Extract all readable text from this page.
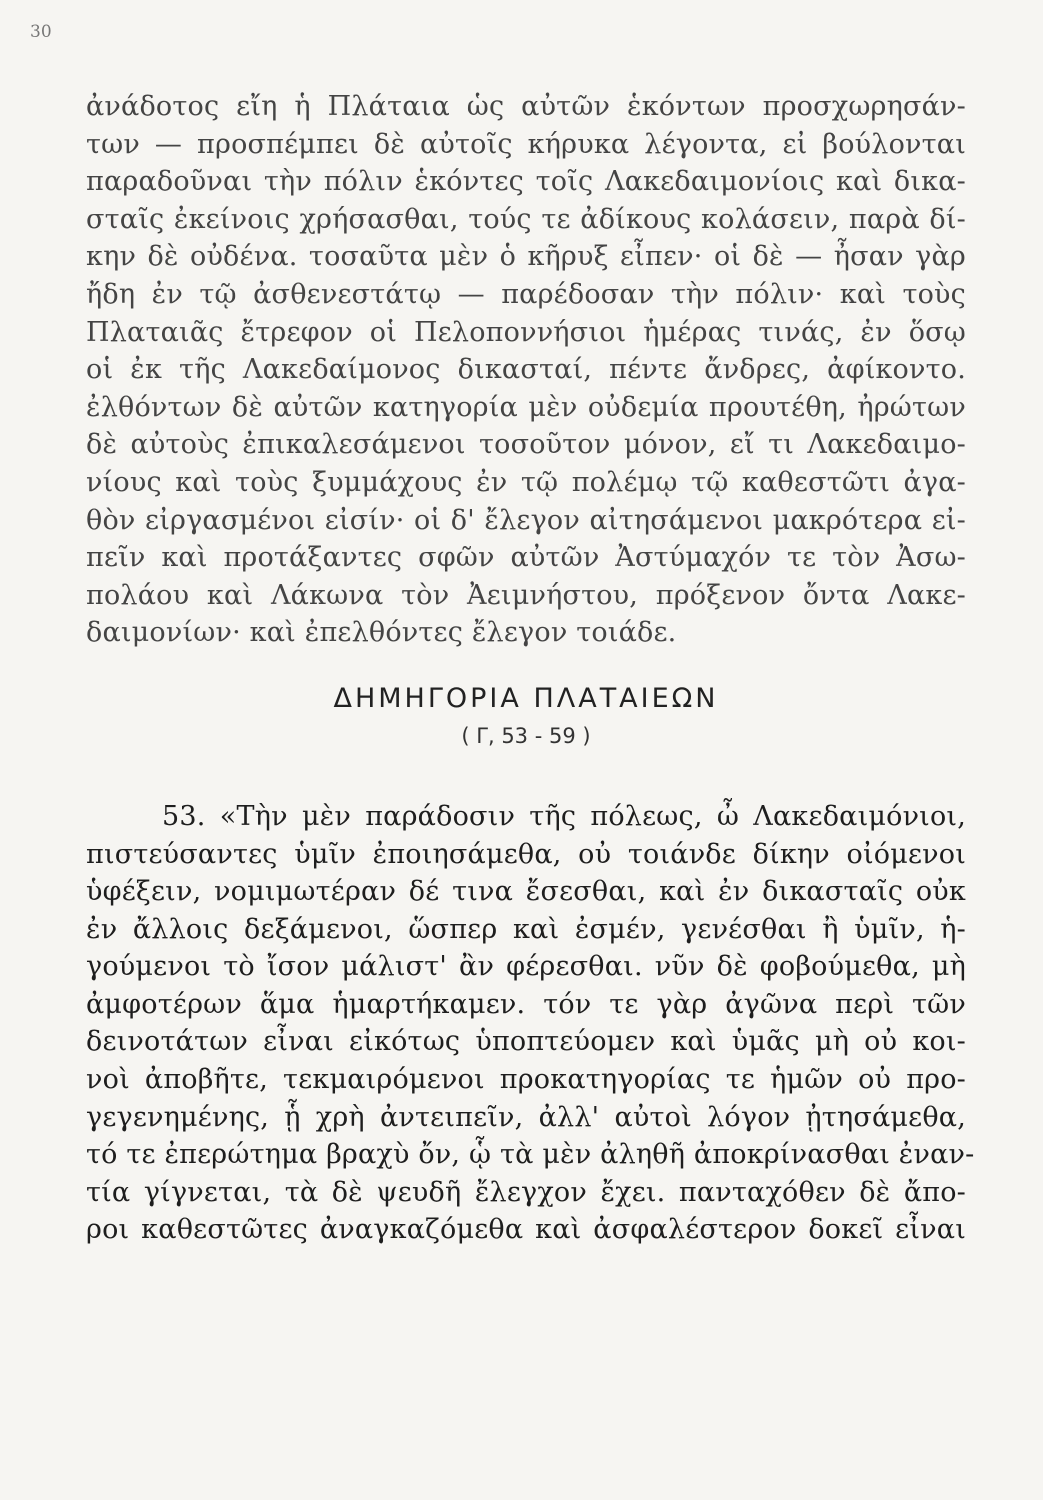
30
ἀνάδοτος εἴη ἡ Πλάταια ὡς αὐτῶν ἑκόντων προσχωρησάν-
των — προσπέμπει δὲ αὐτοῖς κήρυκα λέγοντα, εἰ βούλονται
παραδοῦναι τὴν πόλιν ἑκόντες τοῖς Λακεδαιμονίοις καὶ δικα-
σταῖς ἐκείνοις χρήσασθαι, τούς τε ἀδίκους κολάσειν, παρὰ δί-
κην δὲ οὐδένα. τοσαῦτα μὲν ὁ κῆρυξ εἶπεν· οἱ δὲ — ἦσαν γὰρ
ἤδη ἐν τῷ ἀσθενεστάτῳ — παρέδοσαν τὴν πόλιν· καὶ τοὺς
Πλαταιᾶς ἔτρεφον οἱ Πελοποννήσιοι ἡμέρας τινάς, ἐν ὅσῳ
οἱ ἐκ τῆς Λακεδαίμονος δικασταί, πέντε ἄνδρες, ἀφίκοντο.
ἐλθόντων δὲ αὐτῶν κατηγορία μὲν οὐδεμία προυτέθη, ἠρώτων
δὲ αὐτοὺς ἐπικαλεσάμενοι τοσοῦτον μόνον, εἴ τι Λακεδαιμο-
νίους καὶ τοὺς ξυμμάχους ἐν τῷ πολέμῳ τῷ καθεστῶτι ἀγα-
θὸν εἰργασμένοι εἰσίν· οἱ δ' ἔλεγον αἰτησάμενοι μακρότερα εἰ-
πεῖν καὶ προτάξαντες σφῶν αὐτῶν Ἀστύμαχόν τε τὸν Ἀσω-
πολάου καὶ Λάκωνα τὸν Ἀειμνήστου, πρόξενον ὄντα Λακε-
δαιμονίων· καὶ ἐπελθόντες ἔλεγον τοιάδε.
ΔΗΜΗΓΟΡΙΑ ΠΛΑΤΑΙΕΩΝ
( Γ, 53 - 59 )
53. «Τὴν μὲν παράδοσιν τῆς πόλεως, ὦ Λακεδαιμόνιοι,
πιστεύσαντες ὑμῖν ἐποιησάμεθα, οὐ τοιάνδε δίκην οἰόμενοι
ὑφέξειν, νομιμωτέραν δέ τινα ἔσεσθαι, καὶ ἐν δικασταῖς οὐκ
ἐν ἄλλοις δεξάμενοι, ὥσπερ καὶ ἐσμέν, γενέσθαι ἢ ὑμῖν, ἡ-
γούμενοι τὸ ἴσον μάλιστ' ἂν φέρεσθαι. νῦν δὲ φοβούμεθα, μὴ
ἀμφοτέρων ἅμα ἡμαρτήκαμεν. τόν τε γὰρ ἀγῶνα περὶ τῶν
δεινοτάτων εἶναι εἰκότως ὑποπτεύομεν καὶ ὑμᾶς μὴ οὐ κοι-
νοὶ ἀποβῆτε, τεκμαιρόμενοι προκατηγορίας τε ἡμῶν οὐ προ-
γεγενημένης, ᾗ χρὴ ἀντειπεῖν, ἀλλ' αὐτοὶ λόγον ᾐτησάμεθα,
τό τε ἐπερώτημα βραχὺ ὄν, ᾧ τὰ μὲν ἀληθῆ ἀποκρίνασθαι ἐναν-
τία γίγνεται, τὰ δὲ ψευδῆ ἔλεγχον ἔχει. πανταχόθεν δὲ ἄπο-
ροι καθεστῶτες ἀναγκαζόμεθα καὶ ἀσφαλέστερον δοκεῖ εἶναι
